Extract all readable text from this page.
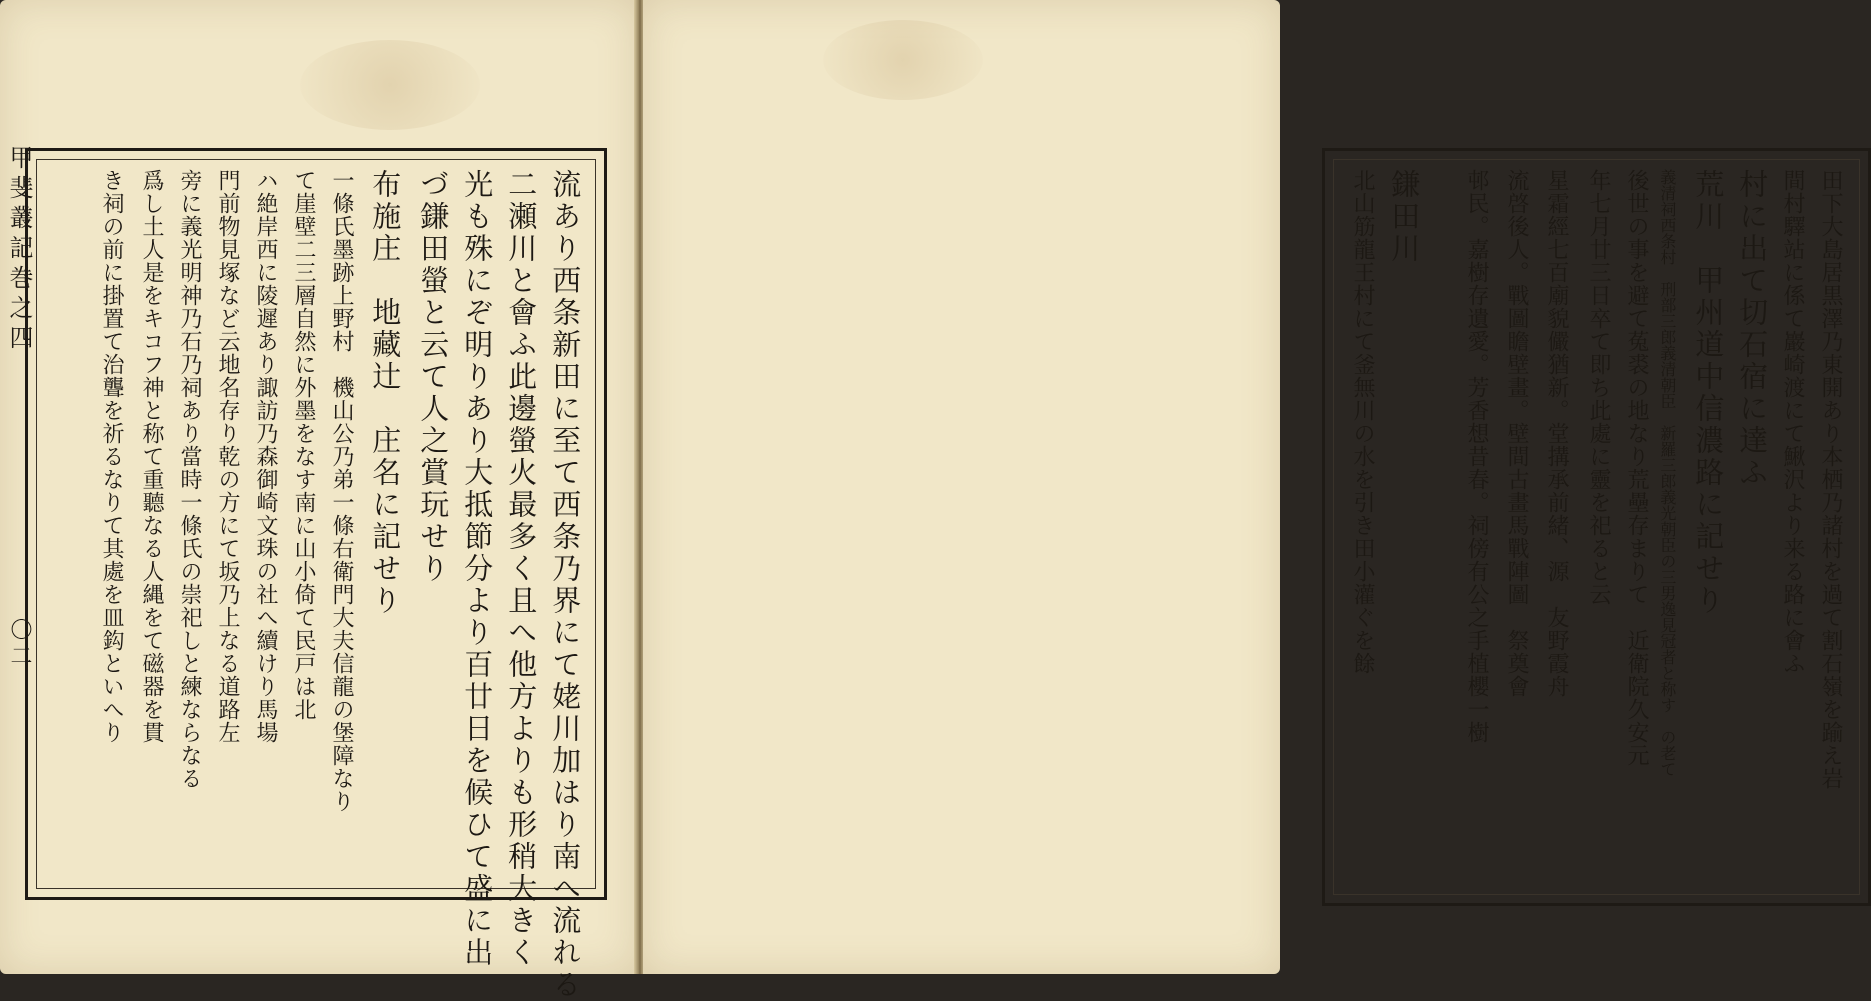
甲斐叢記巻之四
〇二	流あり西条新田に至て西条乃界にて姥川加はり南へ流れる
二瀬川と會ふ此邊螢火最多く且へ他方よりも形稍大きく
光も殊にぞ明りあり大抵節分より百廿日を候ひて盛に出
づ鎌田螢と云て人之賞玩せり
布施庄　地藏辻　庄名に記せり
一條氏墨跡上野村　機山公乃弟一條右衛門大夫信龍の堡障なり
て崖壁二三層自然に外墨をなす南に山小倚て民戸は北
ハ絶岸西に陵遲あり諏訪乃森御崎文珠の社へ續けり馬場
門前物見塚など云地名存り乾の方にて坂乃上なる道路左
旁に義光明神乃石乃祠あり當時一條氏の崇祀しと練ならなる
爲し土人是をキコフ神と称て重聽なる人縄をて磁器を貫
き祠の前に掛置て治聾を祈るなりて其處を皿鈎といへり	田下大島居黒澤乃東開あり本栖乃諸村を過て割石嶺を踰え岩
間村驛站に係て巖崎渡にて鰍沢より来る路に會ふ
村に出て切石宿に達ふ
荒川　甲州道中信濃路に記せり
義清祠西条村　刑部三郎義清朝臣　新羅三郎義光朝臣の三男逸見冠者と称す　の老て
後世の事を避て菟裘の地なり荒壘存まりて　近衛院久安元
年七月廿三日卒て即ち此處に靈を祀ると云
星霜經七百廟貌儼猶新。堂搆承前緒、源　友野霞舟
流啓後人。戰圖瞻壁畫。壁間古畫馬戰陣圖　祭奠會
邨民。嘉樹存遺愛。芳香想昔春。祠傍有公之手植櫻一樹
鎌田川
北山筋龍王村にて釜無川の水を引き田小灌ぐを餘
